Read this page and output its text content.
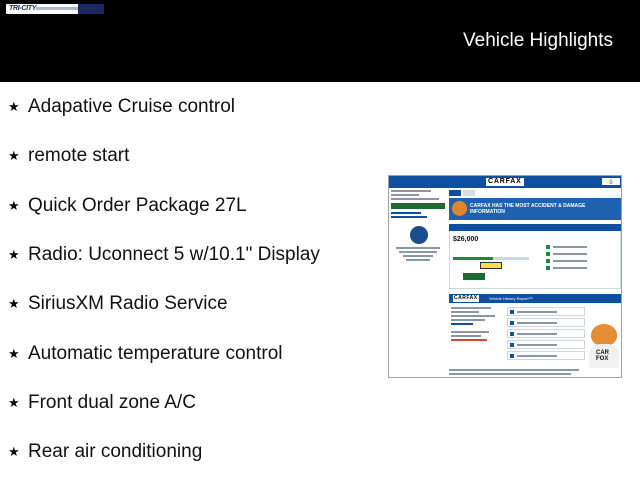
TRI-CITY
Vehicle Highlights
★ Adapative Cruise control
★ remote start
★ Quick Order Package 27L
★ Radio: Uconnect 5 w/10.1" Display
★ SiriusXM Radio Service
★ Automatic temperature control
★ Front dual zone A/C
★ Rear air conditioning
CARFAX	⎙
CARFAX HAS THE MOST ACCIDENT & DAMAGE INFORMATION
$26,000
CARFAX	Vehicle History Report™
CAR FOX
